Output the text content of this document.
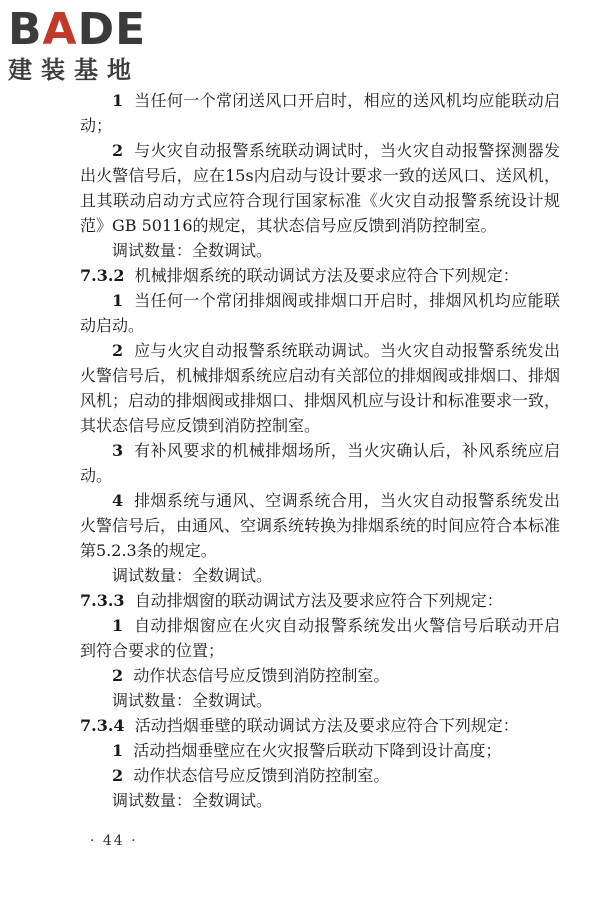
BADE
建装基地

1 当任何一个常闭送风口开启时，相应的送风机均应能联动启动；

2 与火灾自动报警系统联动调试时，当火灾自动报警探测器发出火警信号后，应在15s内启动与设计要求一致的送风口、送风机，且其联动启动方式应符合现行国家标准《火灾自动报警系统设计规范》GB 50116的规定，其状态信号应反馈到消防控制室。

调试数量：全数调试。

7.3.2 机械排烟系统的联动调试方法及要求应符合下列规定：

1 当任何一个常闭排烟阀或排烟口开启时，排烟风机均应能联动启动。

2 应与火灾自动报警系统联动调试。当火灾自动报警系统发出火警信号后，机械排烟系统应启动有关部位的排烟阀或排烟口、排烟风机；启动的排烟阀或排烟口、排烟风机应与设计和标准要求一致，其状态信号应反馈到消防控制室。

3 有补风要求的机械排烟场所，当火灾确认后，补风系统应启动。

4 排烟系统与通风、空调系统合用，当火灾自动报警系统发出火警信号后，由通风、空调系统转换为排烟系统的时间应符合本标准第5.2.3条的规定。

调试数量：全数调试。

7.3.3 自动排烟窗的联动调试方法及要求应符合下列规定：

1 自动排烟窗应在火灾自动报警系统发出火警信号后联动开启到符合要求的位置；

2 动作状态信号应反馈到消防控制室。

调试数量：全数调试。

7.3.4 活动挡烟垂壁的联动调试方法及要求应符合下列规定：

1 活动挡烟垂壁应在火灾报警后联动下降到设计高度；

2 动作状态信号应反馈到消防控制室。

调试数量：全数调试。

· 44 ·
